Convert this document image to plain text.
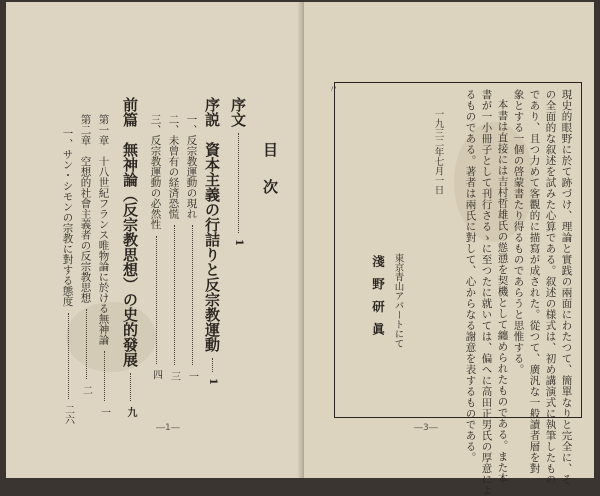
目次
序文1
序説　資本主義の行詰りと反宗教運動1
一、反宗教運動の現れ一
二、未曾有の経済恐慌三
三、反宗教運動の必然性四
前篇　無神論（反宗教思想）の史的發展九
第一章　十八世紀フランス唯物論に於ける無神論一
第二章　空想的社會主義者の反宗教思想二
一、サン・シモンの宗教に對する態度二六
―1―
〃	現史的眼野に於て跡づけ、理論と實践の兩面にわたつて、簡單なりと完全に、そ
の全面的な叙述を試みた心算である。叙述の様式は、初め講演式に執筆したもの
であり、且つ力めて客觀的に描寫が成された。從つて、廣汎な一般讀者層を對
象とする一個の啓蒙書たり得るものであらうと思惟する。
本書は直接には吉村哲雄氏の慫慂を契機として纏められたものである。また本
書が一小冊子として刊行さるゝに至つたに就いては、偏へに高田正男氏の厚意によ
るものである。著者は兩氏に對して、心からなる謝意を表するものである。
一九三二年七月一日
東京青山アパートにて
淺野研眞
―3―
